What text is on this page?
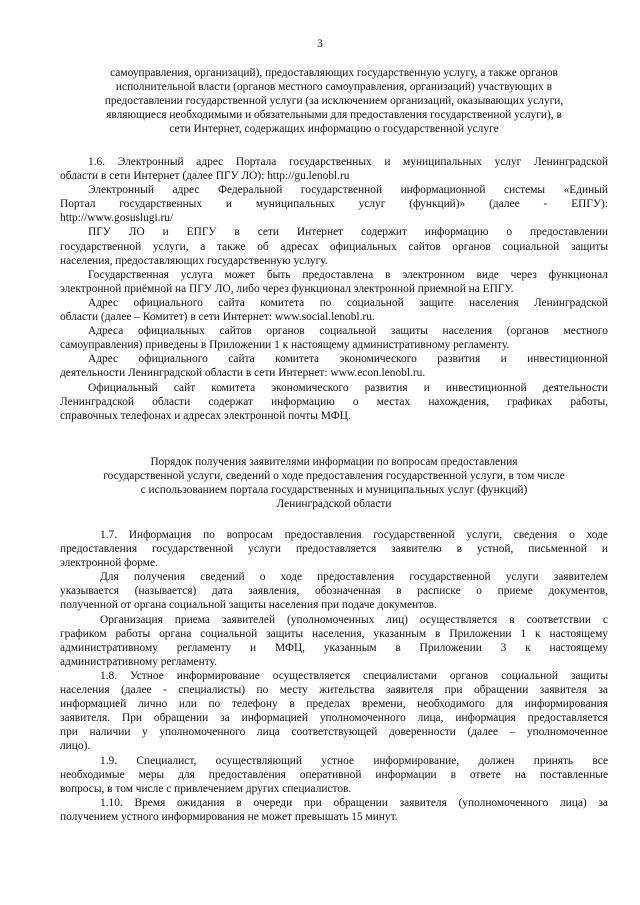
3
самоуправления, организаций), предоставляющих государственную услугу, а также органов
исполнительной власти (органов местного самоуправления, организаций) участвующих в
предоставлении государственной услуги (за исключением организаций, оказывающих услуги,
являющиеся необходимыми и обязательными для предоставления государственной услуги), в
сети Интернет, содержащих информацию о государственной услуге
1.6. Электронный адрес Портала государственных и муниципальных услуг Ленинградской
области в сети Интернет (далее ПГУ ЛО): http://gu.lenobl.ru
Электронный адрес Федеральной государственной информационной системы «Единый
Портал государственных и муниципальных услуг (функций)» (далее - ЕПГУ):
http://www.gosuslugi.ru/
ПГУ ЛО и ЕПГУ в сети Интернет содержит информацию о предоставлении
государственной услуги, а также об адресах официальных сайтов органов социальной защиты
населения, предоставляющих государственную услугу.
Государственная услуга может быть предоставлена в электронном виде через функционал
электронной приёмной на ПГУ ЛО, либо через функционал электронной приемной на ЕПГУ.
Адрес официального сайта комитета по социальной защите населения Ленинградской
области (далее – Комитет) в сети Интернет: www.social.lenobl.ru.
Адреса официальных сайтов органов социальной защиты населения (органов местного
самоуправления) приведены в Приложении 1 к настоящему административному регламенту.
Адрес официального сайта комитета экономического развития и инвестиционной
деятельности Ленинградской области в сети Интернет: www.econ.lenobl.ru.
Официальный сайт комитета экономического развития и инвестиционной деятельности
Ленинградской области содержат информацию о местах нахождения, графиках работы,
справочных телефонах и адресах электронной почты МФЦ.
Порядок получения заявителями информации по вопросам предоставления
государственной услуги, сведений о ходе предоставления государственной услуги, в том числе
с использованием портала государственных и муниципальных услуг (функций)
Ленинградской области
1.7. Информация по вопросам предоставления государственной услуги, сведения о ходе
предоставления государственной услуги предоставляется заявителю в устной, письменной и
электронной форме.
Для получения сведений о ходе предоставления государственной услуги заявителем
указывается (называется) дата заявления, обозначенная в расписке о приеме документов,
полученной от органа социальной защиты населения при подаче документов.
Организация приема заявителей (уполномоченных лиц) осуществляется в соответствии с
графиком работы органа социальной защиты населения, указанным в Приложении 1 к настоящему
административному регламенту и МФЦ, указанным в Приложении 3 к настоящему
административному регламенту.
1.8. Устное информирование осуществляется специалистами органов социальной защиты
населения (далее - специалисты) по месту жительства заявителя при обращении заявителя за
информацией лично или по телефону в пределах времени, необходимого для информирования
заявителя. При обращении за информацией уполномоченного лица, информация предоставляется
при наличии у уполномоченного лица соответствующей доверенности (далее – уполномоченное
лицо).
1.9. Специалист, осуществляющий устное информирование, должен принять все
необходимые меры для предоставления оперативной информации в ответе на поставленные
вопросы, в том числе с привлечением других специалистов.
1.10. Время ожидания в очереди при обращении заявителя (уполномоченного лица) за
получением устного информирования не может превышать 15 минут.
